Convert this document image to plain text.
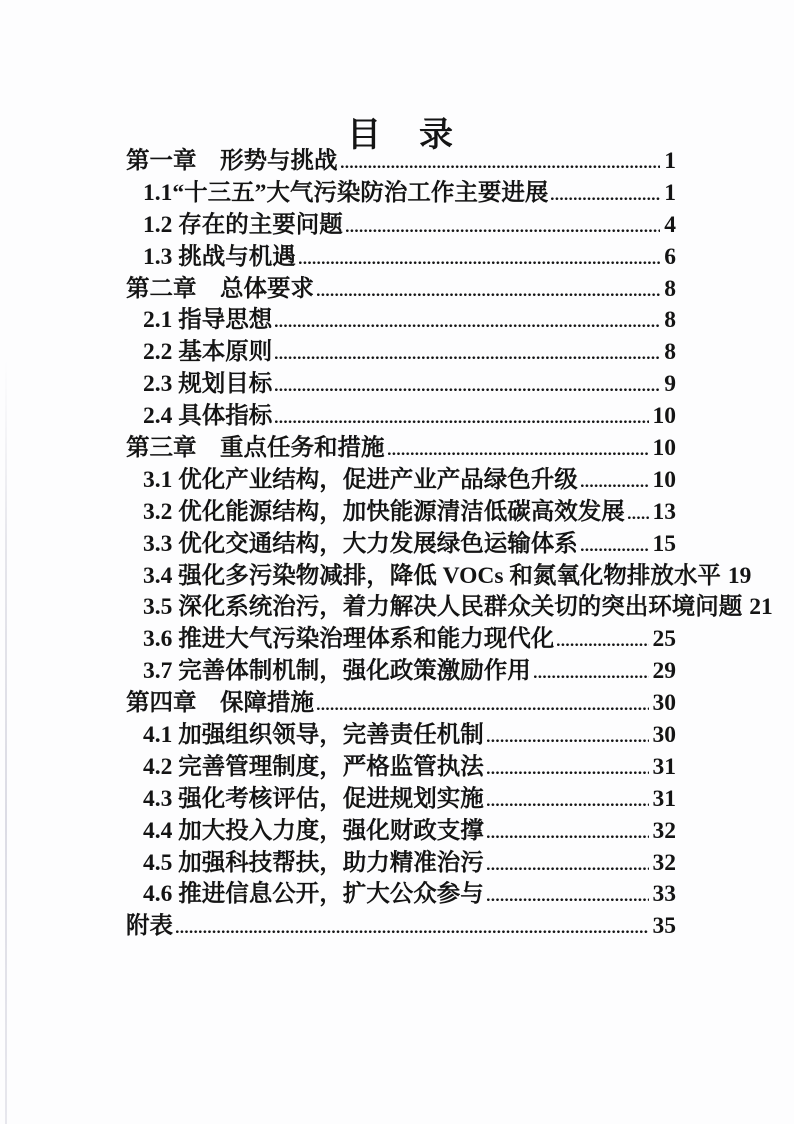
目　录
第一章　形势与挑战	1
1.1“十三五”大气污染防治工作主要进展	1
1.2 存在的主要问题	4
1.3 挑战与机遇	6
第二章　总体要求	8
2.1 指导思想	8
2.2 基本原则	8
2.3 规划目标	9
2.4 具体指标	10
第三章　重点任务和措施	10
3.1 优化产业结构，促进产业产品绿色升级	10
3.2 优化能源结构，加快能源清洁低碳高效发展 13
3.3 优化交通结构，大力发展绿色运输体系	15
3.4 强化多污染物减排，降低 VOCs 和氮氧化物排放水平 19
3.5 深化系统治污，着力解决人民群众关切的突出环境问题 21
3.6 推进大气污染治理体系和能力现代化	25
3.7 完善体制机制，强化政策激励作用	29
第四章　保障措施	30
4.1 加强组织领导，完善责任机制	30
4.2 完善管理制度，严格监管执法	31
4.3 强化考核评估，促进规划实施	31
4.4 加大投入力度，强化财政支撑	32
4.5 加强科技帮扶，助力精准治污	32
4.6 推进信息公开，扩大公众参与	33
附表	35
